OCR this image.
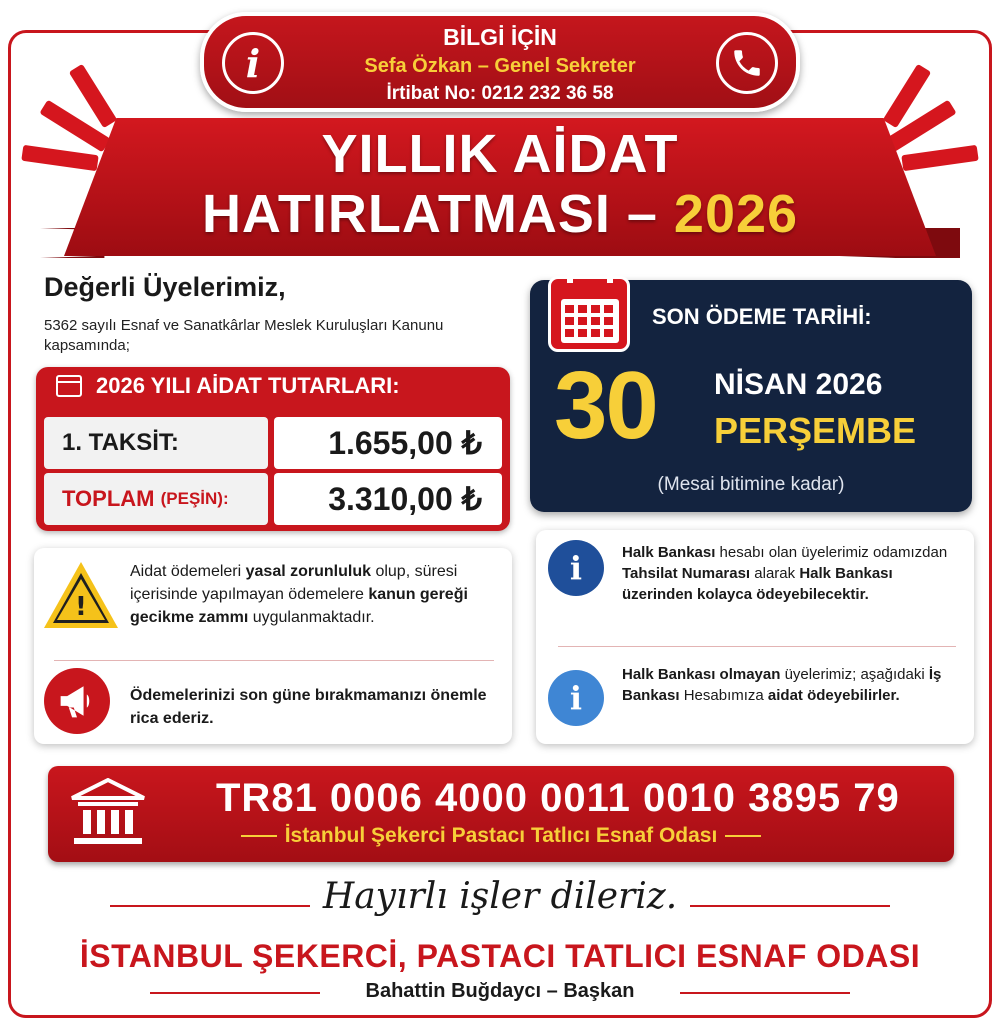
i
BİLGİ İÇİN
Sefa Özkan – Genel Sekreter
İrtibat No: 0212 232 36 58
YILLIK AİDAT
HATIRLATMASI – 2026
Değerli Üyelerimiz,
5362 sayılı Esnaf ve Sanatkârlar Meslek Kuruluşları Kanunu kapsamında;
2026 YILI AİDAT TUTARLARI:
1. TAKSİT:	1.655,00 ₺
TOPLAM
(PEŞİN):	3.310,00 ₺
SON ÖDEME TARİHİ:
30 NİSAN 2026
PERŞEMBE
(Mesai bitimine kadar)
!
Aidat ödemeleri yasal zorunluluk olup, süresi içerisinde yapılmayan ödemelere kanun gereği gecikme zammı uygulanmaktadır.
Ödemelerinizi son güne bırakmamanızı önemle rica ederiz.
i	Halk Bankası hesabı olan üyelerimiz odamızdan Tahsilat Numarası alarak Halk Bankası üzerinden kolayca ödeyebilecektir.
i
Halk Bankası olmayan üyelerimiz; aşağıdaki İş Bankası Hesabımıza aidat ödeyebilirler.
TR81 0006 4000 0011 0010 3895 79
İstanbul Şekerci Pastacı Tatlıcı Esnaf Odası
Hayırlı işler dileriz.
İSTANBUL ŞEKERCİ, PASTACI TATLICI ESNAF ODASI
Bahattin Buğdaycı – Başkan
